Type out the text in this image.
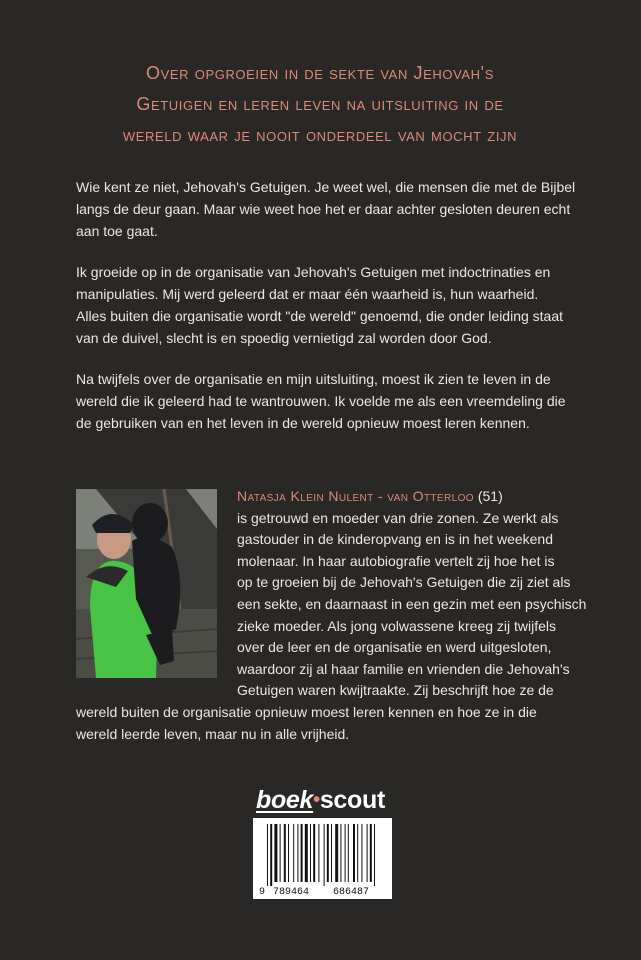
Over opgroeien in de sekte van Jehovah's
Getuigen en leren leven na uitsluiting in de
wereld waar je nooit onderdeel van mocht zijn
Wie kent ze niet, Jehovah's Getuigen. Je weet wel, die mensen die met de Bijbel
langs de deur gaan. Maar wie weet hoe het er daar achter gesloten deuren echt
aan toe gaat.
Ik groeide op in de organisatie van Jehovah's Getuigen met indoctrinaties en
manipulaties. Mij werd geleerd dat er maar één waarheid is, hun waarheid.
Alles buiten die organisatie wordt "de wereld" genoemd, die onder leiding staat
van de duivel, slecht is en spoedig vernietigd zal worden door God.
Na twijfels over de organisatie en mijn uitsluiting, moest ik zien te leven in de
wereld die ik geleerd had te wantrouwen. Ik voelde me als een vreemdeling die
de gebruiken van en het leven in de wereld opnieuw moest leren kennen.
Natasja Klein Nulent - van Otterloo (51)
is getrouwd en moeder van drie zonen. Ze werkt als
gastouder in de kinderopvang en is in het weekend
molenaar. In haar autobiografie vertelt zij hoe het is
op te groeien bij de Jehovah's Getuigen die zij ziet als
een sekte, en daarnaast in een gezin met een psychisch
zieke moeder. Als jong volwassene kreeg zij twijfels
over de leer en de organisatie en werd uitgesloten,
waardoor zij al haar familie en vrienden die Jehovah's
Getuigen waren kwijtraakte. Zij beschrijft hoe ze de
wereld buiten de organisatie opnieuw moest leren kennen en hoe ze in die
wereld leerde leven, maar nu in alle vrijheid.
boek•scout
9 789464 686487
